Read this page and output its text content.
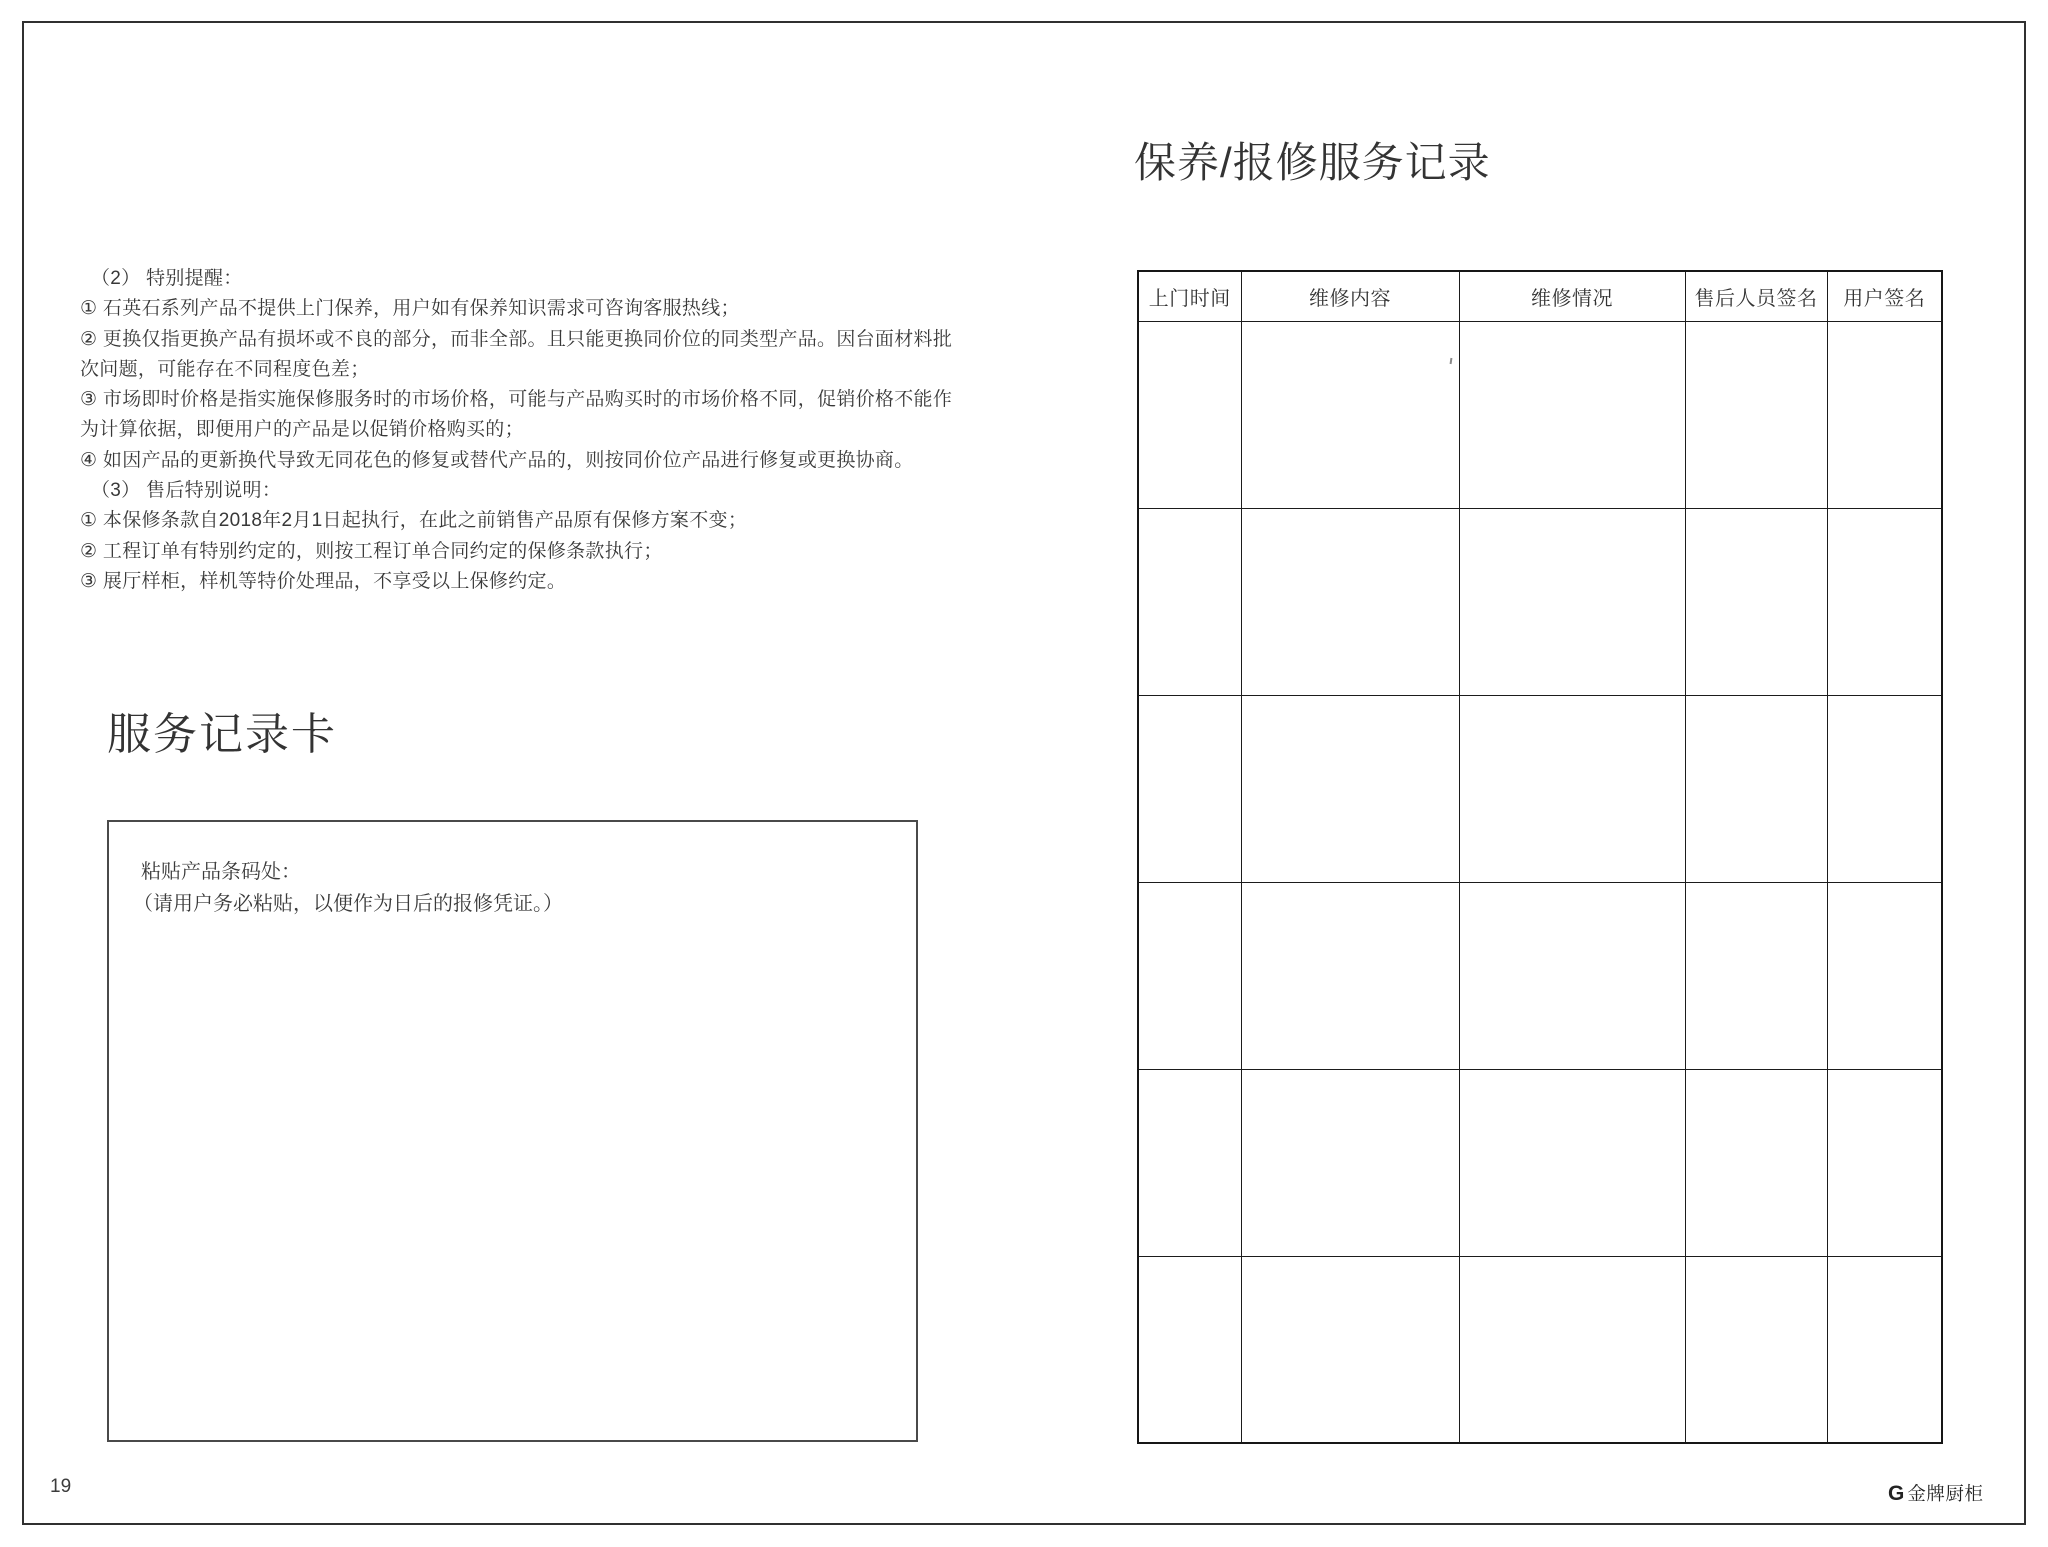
（2） 特别提醒：
① 石英石系列产品不提供上门保养，用户如有保养知识需求可咨询客服热线；
② 更换仅指更换产品有损坏或不良的部分，而非全部。且只能更换同价位的同类型产品。因台面材料批
次问题，可能存在不同程度色差；
③ 市场即时价格是指实施保修服务时的市场价格，可能与产品购买时的市场价格不同，促销价格不能作
为计算依据，即便用户的产品是以促销价格购买的；
④ 如因产品的更新换代导致无同花色的修复或替代产品的，则按同价位产品进行修复或更换协商。
（3） 售后特别说明：
① 本保修条款自2018年2月1日起执行，在此之前销售产品原有保修方案不变；
② 工程订单有特别约定的，则按工程订单合同约定的保修条款执行；
③ 展厅样柜，样机等特价处理品，不享受以上保修约定。
服务记录卡
粘贴产品条码处：
（请用户务必粘贴，以便作为日后的报修凭证。）
保养/报修服务记录
上门时间	维修内容	维修情况	售后人员签名	用户签名

19	G 金牌厨柜
